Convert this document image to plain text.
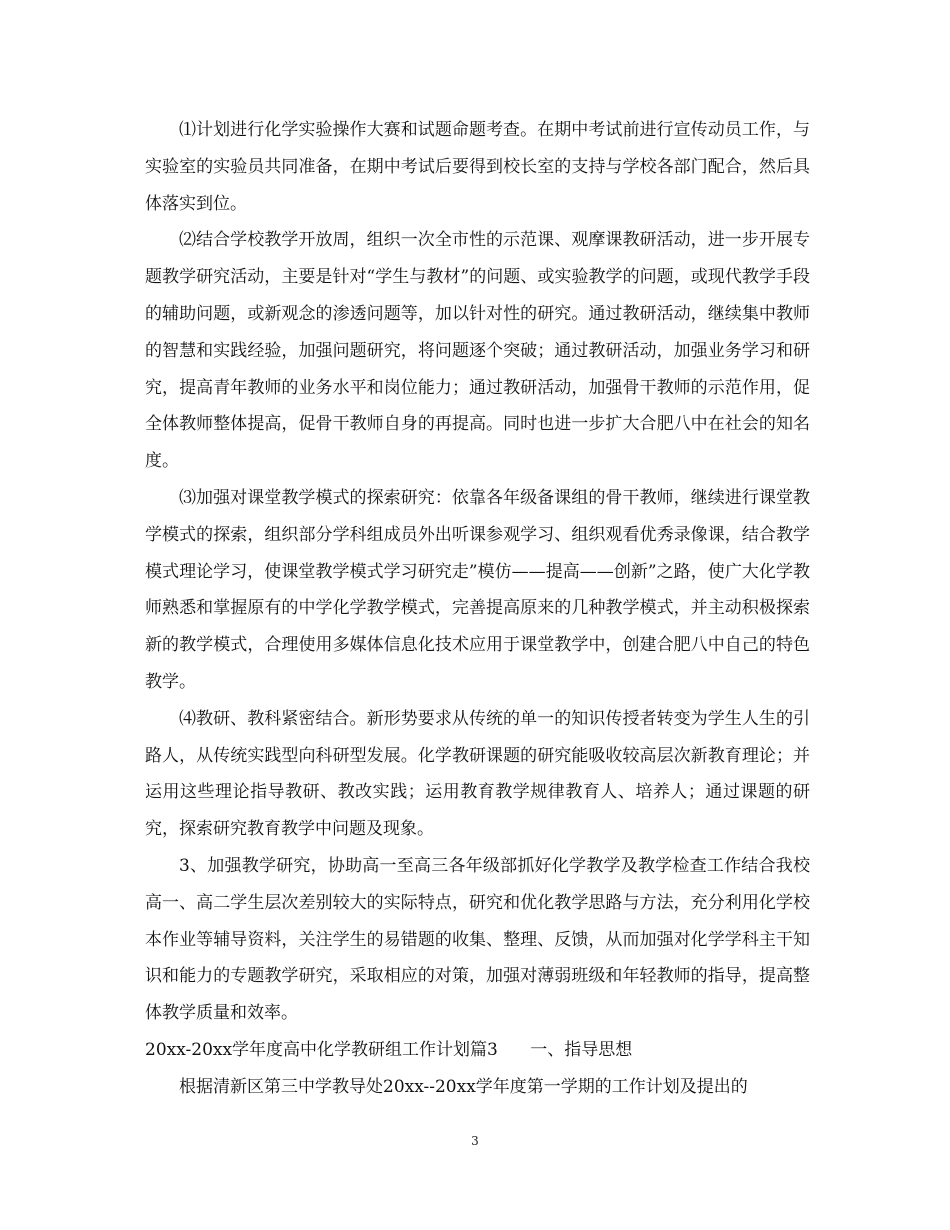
⑴计划进行化学实验操作大赛和试题命题考查。在期中考试前进行宣传动员工作，与实验室的实验员共同准备，在期中考试后要得到校长室的支持与学校各部门配合，然后具体落实到位。

⑵结合学校教学开放周，组织一次全市性的示范课、观摩课教研活动，进一步开展专题教学研究活动，主要是针对“学生与教材”的问题、或实验教学的问题，或现代教学手段的辅助问题，或新观念的渗透问题等，加以针对性的研究。通过教研活动，继续集中教师的智慧和实践经验，加强问题研究，将问题逐个突破；通过教研活动，加强业务学习和研究，提高青年教师的业务水平和岗位能力；通过教研活动，加强骨干教师的示范作用，促全体教师整体提高，促骨干教师自身的再提高。同时也进一步扩大合肥八中在社会的知名度。

⑶加强对课堂教学模式的探索研究：依靠各年级备课组的骨干教师，继续进行课堂教学模式的探索，组织部分学科组成员外出听课参观学习、组织观看优秀录像课，结合教学模式理论学习，使课堂教学模式学习研究走”模仿——提高——创新”之路，使广大化学教师熟悉和掌握原有的中学化学教学模式，完善提高原来的几种教学模式，并主动积极探索新的教学模式，合理使用多媒体信息化技术应用于课堂教学中，创建合肥八中自己的特色教学。

⑷教研、教科紧密结合。新形势要求从传统的单一的知识传授者转变为学生人生的引路人，从传统实践型向科研型发展。化学教研课题的研究能吸收较高层次新教育理论；并运用这些理论指导教研、教改实践；运用教育教学规律教育人、培养人；通过课题的研究，探索研究教育教学中问题及现象。

3、加强教学研究，协助高一至高三各年级部抓好化学教学及教学检查工作结合我校高一、高二学生层次差别较大的实际特点，研究和优化教学思路与方法，充分利用化学校本作业等辅导资料，关注学生的易错题的收集、整理、反馈，从而加强对化学学科主干知识和能力的专题教学研究，采取相应的对策，加强对薄弱班级和年轻教师的指导，提高整体教学质量和效率。

20xx-20xx学年度高中化学教研组工作计划篇3      一、指导思想

根据清新区第三中学教导处20xx--20xx学年度第一学期的工作计划及提出的

3
